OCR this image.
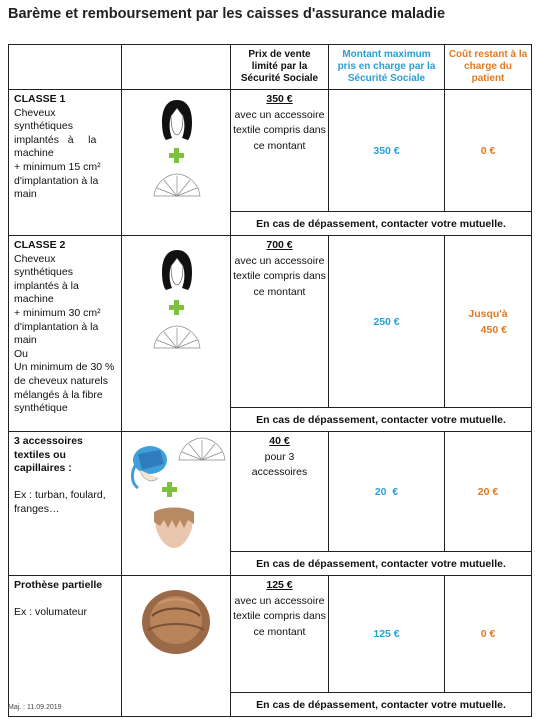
Barème et remboursement par les caisses d'assurance maladie
		Prix de vente limité par la Sécurité Sociale	Montant maximum pris en charge par la Sécurité Sociale	Coût restant à la charge du patient

CLASSE 1
Cheveux synthétiques implantés   à     la machine
+ minimum 15 cm² d'implantation à la main		350 €
avec un accessoire textile compris dans ce montant	350 €	0 €
		En cas de dépassement, contacter votre mutuelle.		

CLASSE 2
Cheveux synthétiques implantés à la machine
+ minimum 30 cm² d'implantation à la main
Ou
Un minimum de 30 % de cheveux naturels mélangés à la fibre synthétique		700 €
avec un accessoire textile compris dans ce montant	250 €	Jusqu'à
450 €
		En cas de dépassement, contacter votre mutuelle.		

3 accessoires textiles ou capillaires :

Ex : turban, foulard, franges…		40 €
pour 3
accessoires	20  €	20 €
		En cas de dépassement, contacter votre mutuelle.		

Prothèse partielle

Ex : volumateur		125 €
avec un accessoire textile compris dans ce montant	125 €	0 €
		En cas de dépassement, contacter votre mutuelle.		
Maj. : 11.09.2019
